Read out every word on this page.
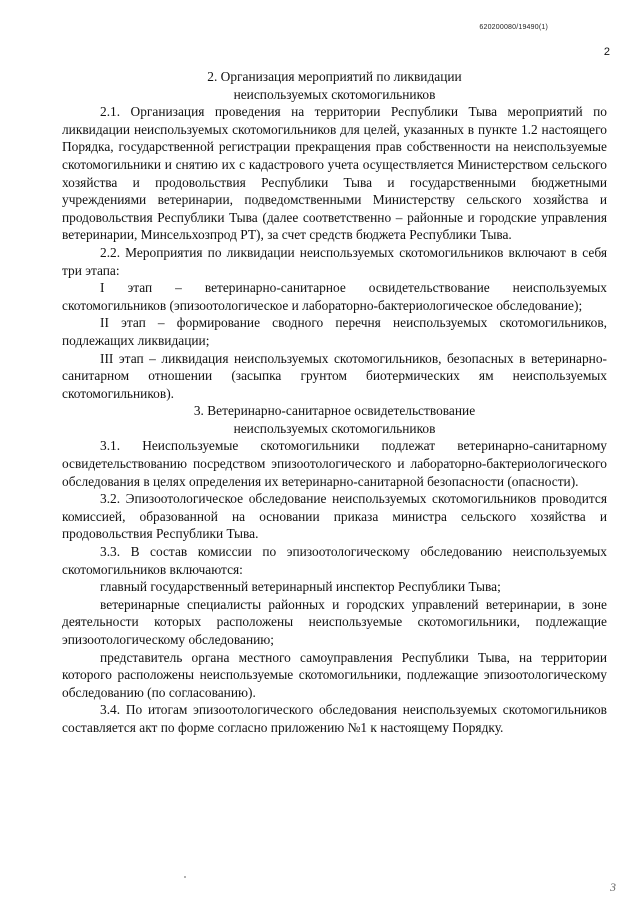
620200080/19490(1)
2
2. Организация мероприятий по ликвидации
неиспользуемых скотомогильников

2.1. Организация проведения на территории Республики Тыва мероприятий по ликвидации неиспользуемых скотомогильников для целей, указанных в пункте 1.2 настоящего Порядка, государственной регистрации прекращения прав собственности на неиспользуемые скотомогильники и снятию их с кадастрового учета осуществляется Министерством сельского хозяйства и продовольствия Республики Тыва и государственными бюджетными учреждениями ветеринарии, подведомственными Министерству сельского хозяйства и продовольствия Республики Тыва (далее соответственно – районные и городские управления ветеринарии, Минсельхозпрод РТ), за счет средств бюджета Республики Тыва.

2.2. Мероприятия по ликвидации неиспользуемых скотомогильников включают в себя три этапа:

I этап – ветеринарно-санитарное освидетельствование неиспользуемых скотомогильников (эпизоотологическое и лабораторно-бактериологическое обследование);

II этап – формирование сводного перечня неиспользуемых скотомогильников, подлежащих ликвидации;

III этап – ликвидация неиспользуемых скотомогильников, безопасных в ветеринарно-санитарном отношении (засыпка грунтом биотермических ям неиспользуемых скотомогильников).

3. Ветеринарно-санитарное освидетельствование
неиспользуемых скотомогильников

3.1. Неиспользуемые скотомогильники подлежат ветеринарно-санитарному освидетельствованию посредством эпизоотологического и лабораторно-бактериологического обследования в целях определения их ветеринарно-санитарной безопасности (опасности).

3.2. Эпизоотологическое обследование неиспользуемых скотомогильников проводится комиссией, образованной на основании приказа министра сельского хозяйства и продовольствия Республики Тыва.

3.3. В состав комиссии по эпизоотологическому обследованию неиспользуемых скотомогильников включаются:

главный государственный ветеринарный инспектор Республики Тыва;

ветеринарные специалисты районных и городских управлений ветеринарии, в зоне деятельности которых расположены неиспользуемые скотомогильники, подлежащие эпизоотологическому обследованию;

представитель органа местного самоуправления Республики Тыва, на территории которого расположены неиспользуемые скотомогильники, подлежащие эпизоотологическому обследованию (по согласованию).

3.4. По итогам эпизоотологического обследования неиспользуемых скотомогильников составляется акт по форме согласно приложению №1 к настоящему Порядку.

3
